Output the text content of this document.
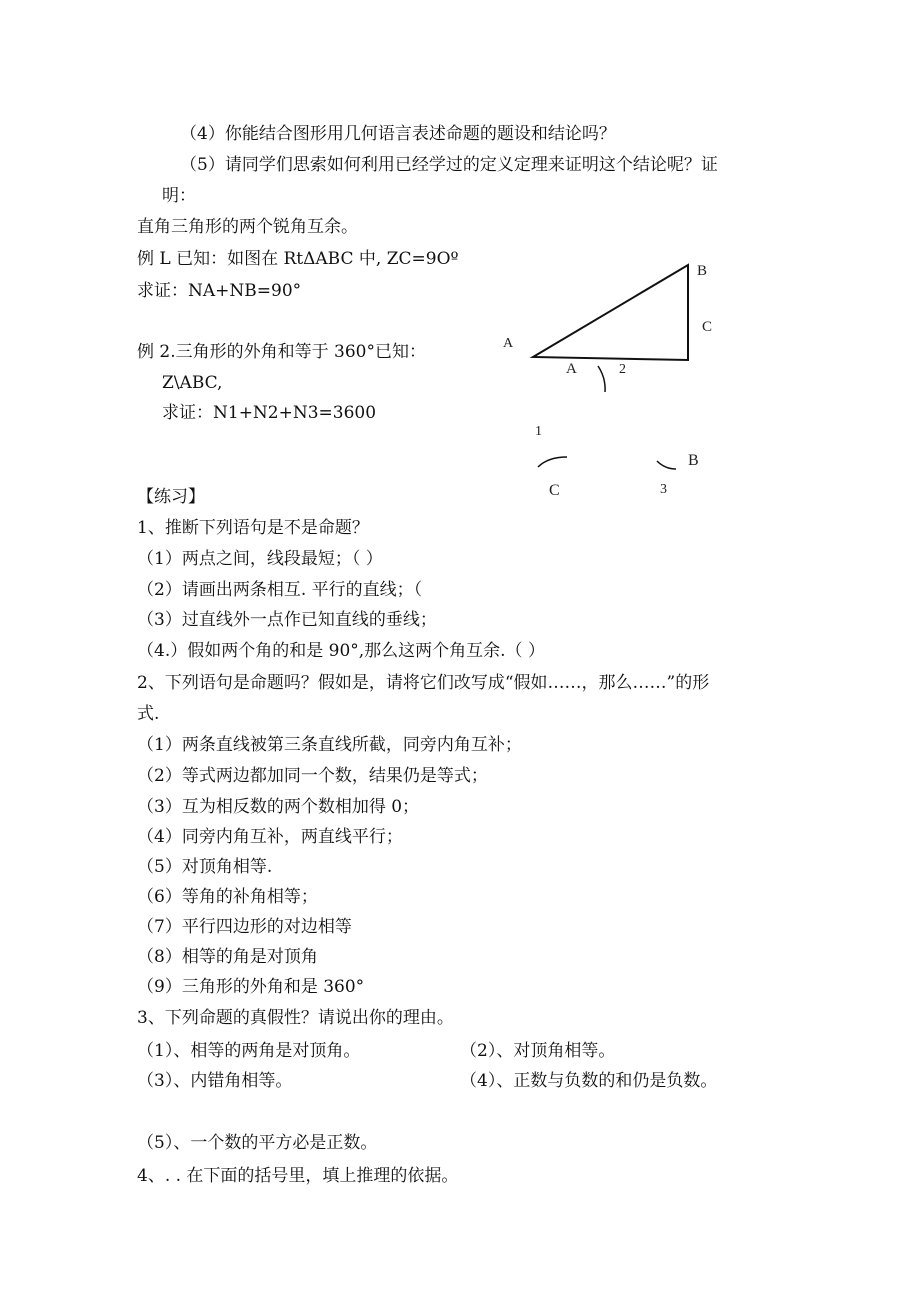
（4）你能结合图形用几何语言表述命题的题设和结论吗？
（5）请同学们思索如何利用已经学过的定义定理来证明这个结论呢？证
明：
直角三角形的两个锐角互余。
例 L 已知：如图在 RtΔABC 中, ZC=9Oº
求证：NA+NB=90°
例 2.三角形的外角和等于 360°已知：
Z\ABC,
求证：N1+N2+N3=3600
A
A
B
C
2
1
C
B
3
【练习】
1、推断下列语句是不是命题？
（1）两点之间，线段最短；（ ）
（2）请画出两条相互. 平行的直线；（
（3）过直线外一点作已知直线的垂线；
（4.）假如两个角的和是 90°,那么这两个角互余.（ ）
2、下列语句是命题吗？假如是，请将它们改写成“假如……，那么……”的形
式.
（1）两条直线被第三条直线所截，同旁内角互补；
（2）等式两边都加同一个数，结果仍是等式；
（3）互为相反数的两个数相加得 0；
（4）同旁内角互补，两直线平行；
（5）对顶角相等.
（6）等角的补角相等；
（7）平行四边形的对边相等
（8）相等的角是对顶角
（9）三角形的外角和是 360°
3、下列命题的真假性？请说出你的理由。
（1）、相等的两角是对顶角。	（2）、对顶角相等。
（3）、内错角相等。	（4）、正数与负数的和仍是负数。
（5）、一个数的平方必是正数。
4、. . 在下面的括号里，填上推理的依据。
